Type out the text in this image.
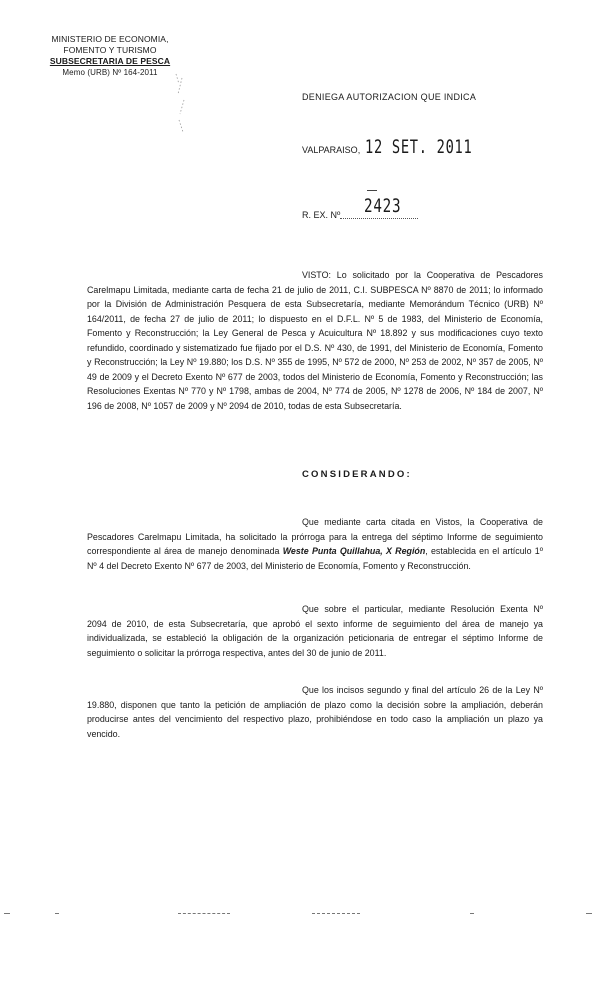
MINISTERIO DE ECONOMIA,
FOMENTO Y TURISMO
SUBSECRETARIA DE PESCA
Memo (URB) Nº 164-2011
DENIEGA AUTORIZACION QUE INDICA
VALPARAISO, 12 SET. 2011
R. EX. Nº 2423
VISTO: Lo solicitado por la Cooperativa de Pescadores Carelmapu Limitada, mediante carta de fecha 21 de julio de 2011, C.I. SUBPESCA Nº 8870 de 2011; lo informado por la División de Administración Pesquera de esta Subsecretaría, mediante Memorándum Técnico (URB) Nº 164/2011, de fecha 27 de julio de 2011; lo dispuesto en el D.F.L. Nº 5 de 1983, del Ministerio de Economía, Fomento y Reconstrucción; la Ley General de Pesca y Acuicultura Nº 18.892 y sus modificaciones cuyo texto refundido, coordinado y sistematizado fue fijado por el D.S. Nº 430, de 1991, del Ministerio de Economía, Fomento y Reconstrucción; la Ley Nº 19.880; los D.S. Nº 355 de 1995, Nº 572 de 2000, Nº 253 de 2002, Nº 357 de 2005, Nº 49 de 2009 y el Decreto Exento Nº 677 de 2003, todos del Ministerio de Economía, Fomento y Reconstrucción; las Resoluciones Exentas Nº 770 y Nº 1798, ambas de 2004, Nº 774 de 2005, Nº 1278 de 2006, Nº 184 de 2007, Nº 196 de 2008, Nº 1057 de 2009 y Nº 2094 de 2010, todas de esta Subsecretaría.
CONSIDERANDO:
Que mediante carta citada en Vistos, la Cooperativa de Pescadores Carelmapu Limitada, ha solicitado la prórroga para la entrega del séptimo Informe de seguimiento correspondiente al área de manejo denominada Weste Punta Quillahua, X Región, establecida en el artículo 1º Nº 4 del Decreto Exento Nº 677 de 2003, del Ministerio de Economía, Fomento y Reconstrucción.
Que sobre el particular, mediante Resolución Exenta Nº 2094 de 2010, de esta Subsecretaría, que aprobó el sexto informe de seguimiento del área de manejo ya individualizada, se estableció la obligación de la organización peticionaria de entregar el séptimo Informe de seguimiento o solicitar la prórroga respectiva, antes del 30 de junio de 2011.
Que los incisos segundo y final del artículo 26 de la Ley Nº 19.880, disponen que tanto la petición de ampliación de plazo como la decisión sobre la ampliación, deberán producirse antes del vencimiento del respectivo plazo, prohibiéndose en todo caso la ampliación un plazo ya vencido.
